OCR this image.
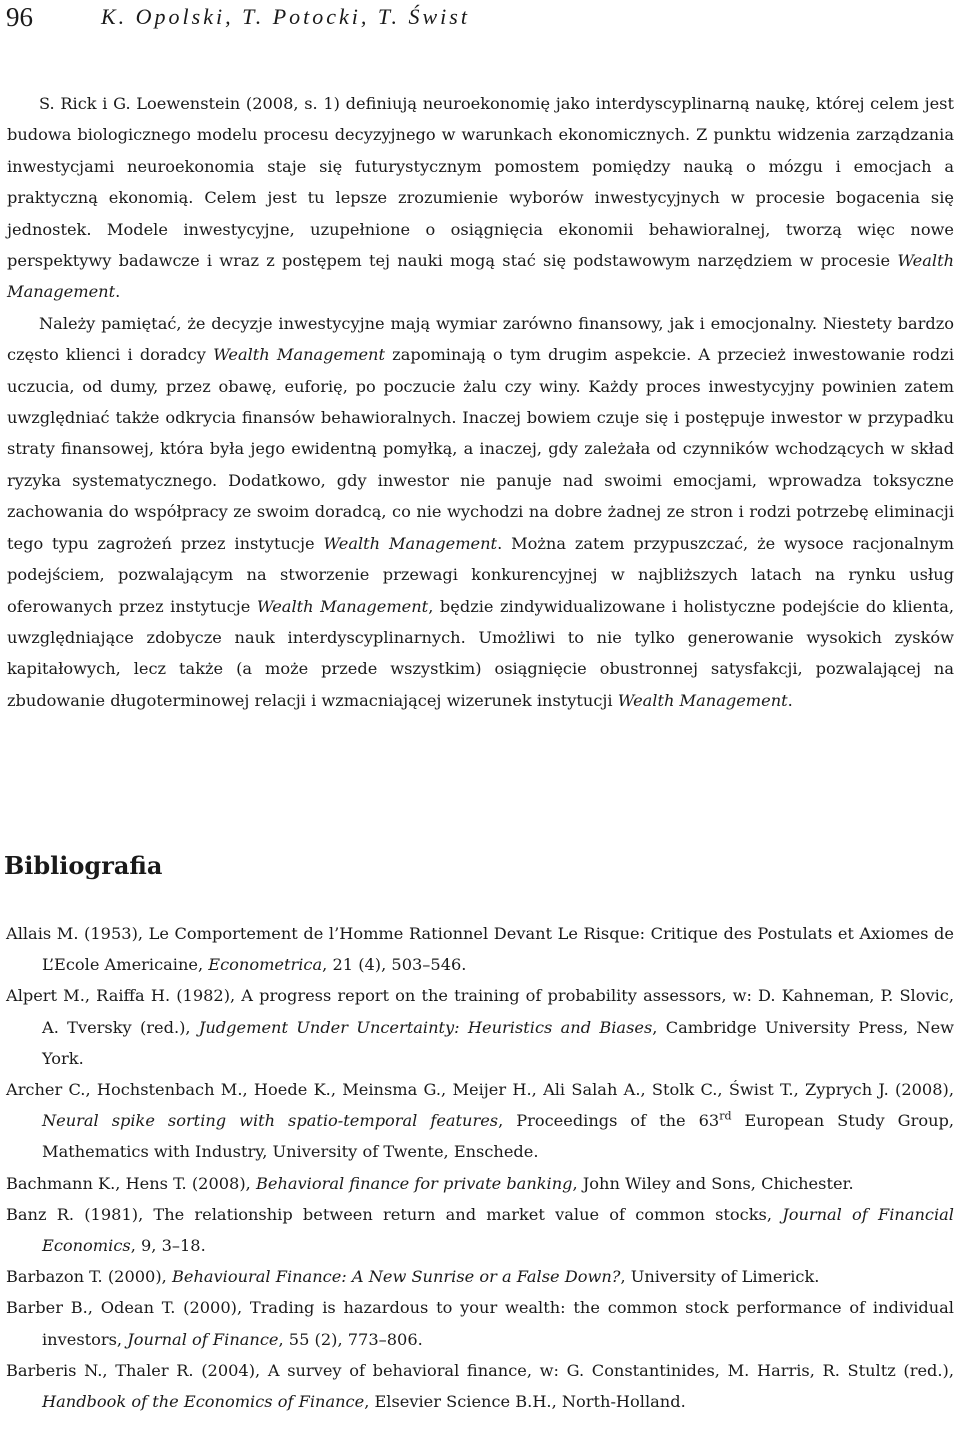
96	K. Opolski, T. Potocki, T. Świst

S. Rick i G. Loewenstein (2008, s. 1) definiują neuroekonomię jako interdyscyplinarną naukę, której celem jest budowa biologicznego modelu procesu decyzyjnego w warunkach ekonomicznych. Z punktu widzenia zarządzania inwestycjami neuroekonomia staje się futurystycznym pomostem pomiędzy nauką o mózgu i emocjach a praktyczną ekonomią. Celem jest tu lepsze zrozumienie wyborów inwestycyjnych w procesie bogacenia się jednostek. Modele inwestycyjne, uzupełnione o osiągnięcia ekonomii behawioralnej, tworzą więc nowe perspektywy badawcze i wraz z postępem tej nauki mogą stać się podstawowym narzędziem w procesie Wealth Management.

Należy pamiętać, że decyzje inwestycyjne mają wymiar zarówno finansowy, jak i emocjonalny. Niestety bardzo często klienci i doradcy Wealth Management zapominają o tym drugim aspekcie. A przecież inwestowanie rodzi uczucia, od dumy, przez obawę, euforię, po poczucie żalu czy winy. Każdy proces inwestycyjny powinien zatem uwzględniać także odkrycia finansów behawioralnych. Inaczej bowiem czuje się i postępuje inwestor w przypadku straty finansowej, która była jego ewidentną pomyłką, a inaczej, gdy zależała od czynników wchodzących w skład ryzyka systematycznego. Dodatkowo, gdy inwestor nie panuje nad swoimi emocjami, wprowadza toksyczne zachowania do współpracy ze swoim doradcą, co nie wychodzi na dobre żadnej ze stron i rodzi potrzebę eliminacji tego typu zagrożeń przez instytucje Wealth Management. Można zatem przypuszczać, że wysoce racjonalnym podejściem, pozwalającym na stworzenie przewagi konkurencyjnej w najbliższych latach na rynku usług oferowanych przez instytucje Wealth Management, będzie zindywidualizowane i holistyczne podejście do klienta, uwzględniające zdobycze nauk interdyscyplinarnych. Umożliwi to nie tylko generowanie wysokich zysków kapitałowych, lecz także (a może przede wszystkim) osiągnięcie obustronnej satysfakcji, pozwalającej na zbudowanie długoterminowej relacji i wzmacniającej wizerunek instytucji Wealth Management.

Bibliografia

Allais M. (1953), Le Comportement de l’Homme Rationnel Devant Le Risque: Critique des Postulats et Axiomes de L’Ecole Americaine, Econometrica, 21 (4), 503–546.

Alpert M., Raiffa H. (1982), A progress report on the training of probability assessors, w: D. Kahneman, P. Slovic, A. Tversky (red.), Judgement Under Uncertainty: Heuristics and Biases, Cambridge University Press, New York.

Archer C., Hochstenbach M., Hoede K., Meinsma G., Meijer H., Ali Salah A., Stolk C., Świst T., Zyprych J. (2008), Neural spike sorting with spatio-temporal features, Proceedings of the 63rd European Study Group, Mathematics with Industry, University of Twente, Enschede.

Bachmann K., Hens T. (2008), Behavioral finance for private banking, John Wiley and Sons, Chichester.

Banz R. (1981), The relationship between return and market value of common stocks, Journal of Financial Economics, 9, 3–18.

Barbazon T. (2000), Behavioural Finance: A New Sunrise or a False Down?, University of Limerick.

Barber B., Odean T. (2000), Trading is hazardous to your wealth: the common stock performance of individual investors, Journal of Finance, 55 (2), 773–806.

Barberis N., Thaler R. (2004), A survey of behavioral finance, w: G. Constantinides, M. Harris, R. Stultz (red.), Handbook of the Economics of Finance, Elsevier Science B.H., North-Holland.
